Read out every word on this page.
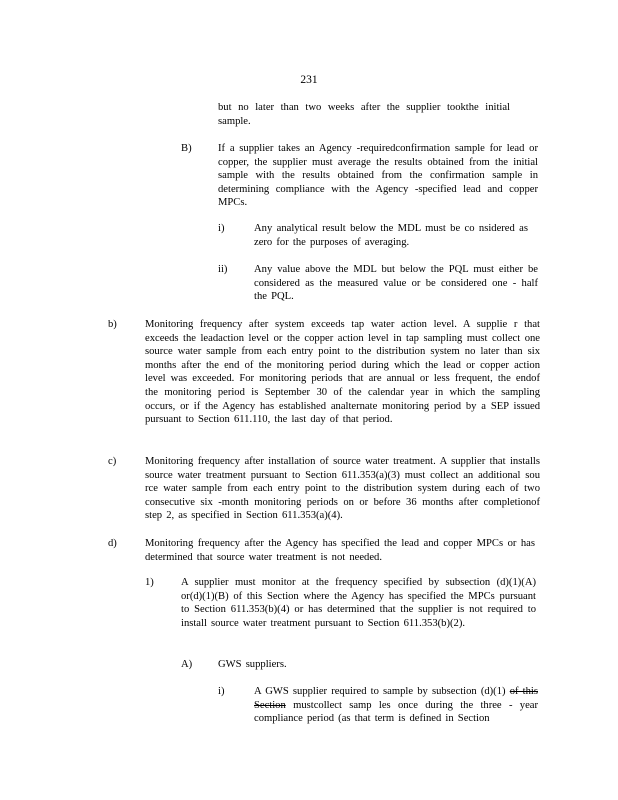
231
but no later than two weeks after the supplier tookthe initial sample.
B) If a supplier takes an Agency -requiredconfirmation sample for lead or copper, the supplier must average the results obtained from the initial sample with the results obtained from the confirmation sample in determining compliance with the Agency -specified lead and copper MPCs.
i)	Any analytical result below the MDL must be co nsidered as zero for the purposes of averaging.
ii)	Any value above the MDL but below the PQL must either be considered as the measured value or be considered one - half the PQL.
b)	Monitoring frequency after system exceeds tap water action level. A supplie r that exceeds the leadaction level or the copper action level in tap sampling must collect one source water sample from each entry point to the distribution system no later than six months after the end of the monitoring period during which the lead or copper action level was exceeded. For monitoring periods that are annual or less frequent, the endof the monitoring period is September 30 of the calendar year in which the sampling occurs, or if the Agency has established analternate monitoring period by a SEP issued pursuant to Section 611.110, the last day of that period.
c)	Monitoring frequency after installation of source water treatment. A supplier that installs source water treatment pursuant to Section 611.353(a)(3) must collect an additional sou rce water sample from each entry point to the distribution system during each of two consecutive six -month monitoring periods on or before 36 months after completionof step 2, as specified in Section 611.353(a)(4).
d)	Monitoring frequency after the Agency has specified the lead and copper MPCs or has determined that source water treatment is not needed.
1)	A supplier must monitor at the frequency specified by subsection (d)(1)(A) or(d)(1)(B) of this Section where the Agency has specified the MPCs pursuant to Section 611.353(b)(4) or has determined that the supplier is not required to install source water treatment pursuant to Section 611.353(b)(2).
A) GWS suppliers.
i)	A GWS supplier required to sample by subsection (d)(1) of this Section mustcollect samp les once during the three - year compliance period (as that term is defined in Section
